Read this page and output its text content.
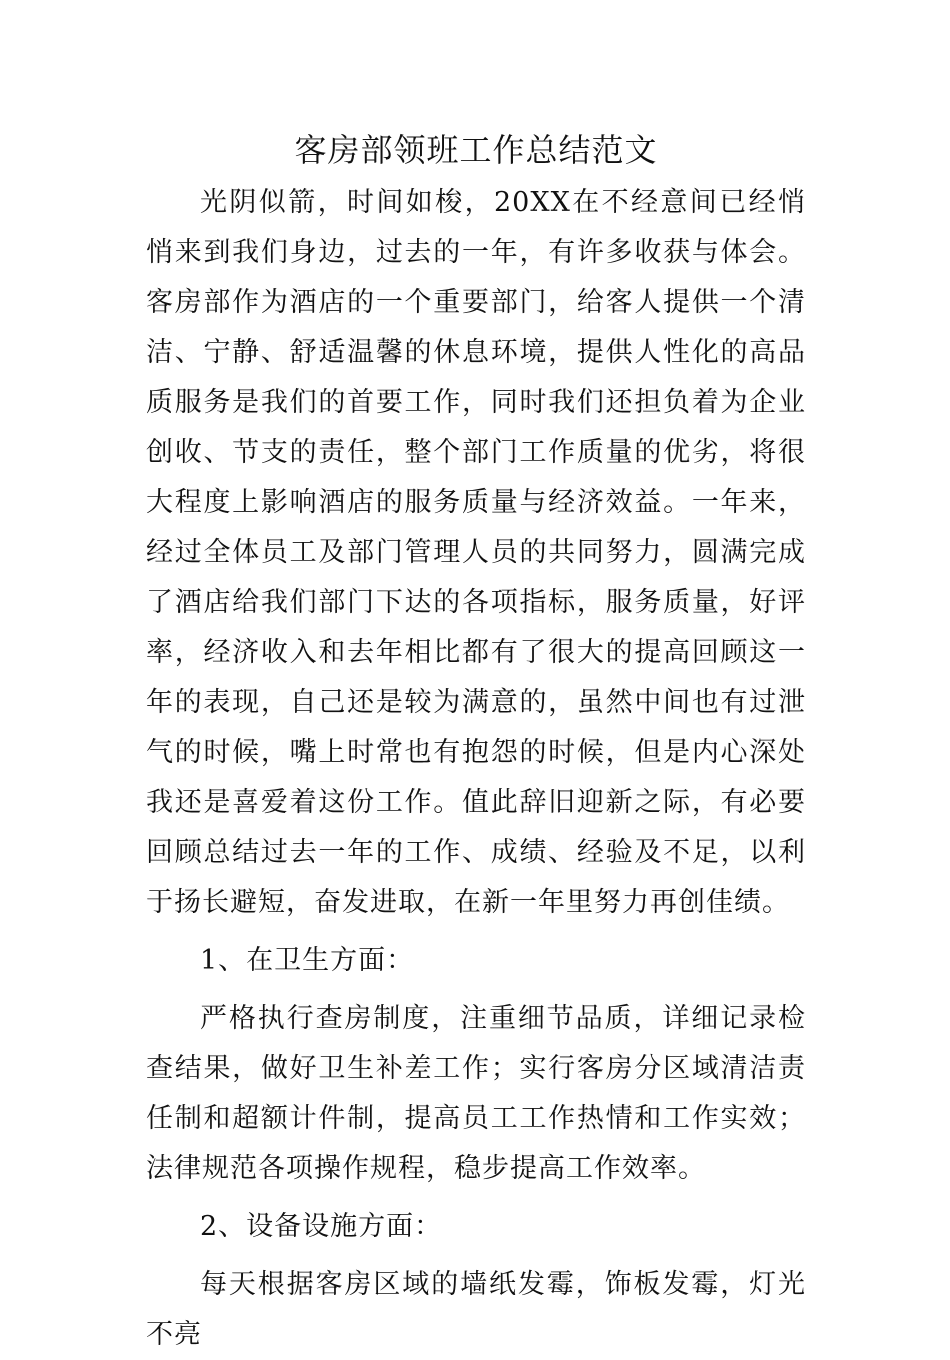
客房部领班工作总结范文

光阴似箭，时间如梭，20XX在不经意间已经悄悄来到我们身边，过去的一年，有许多收获与体会。客房部作为酒店的一个重要部门，给客人提供一个清洁、宁静、舒适温馨的休息环境，提供人性化的高品质服务是我们的首要工作，同时我们还担负着为企业创收、节支的责任，整个部门工作质量的优劣，将很大程度上影响酒店的服务质量与经济效益。一年来，经过全体员工及部门管理人员的共同努力，圆满完成了酒店给我们部门下达的各项指标，服务质量，好评率，经济收入和去年相比都有了很大的提高回顾这一年的表现，自己还是较为满意的，虽然中间也有过泄气的时候，嘴上时常也有抱怨的时候，但是内心深处我还是喜爱着这份工作。值此辞旧迎新之际，有必要回顾总结过去一年的工作、成绩、经验及不足，以利于扬长避短，奋发进取，在新一年里努力再创佳绩。

1、在卫生方面：

严格执行查房制度，注重细节品质，详细记录检查结果，做好卫生补差工作；实行客房分区域清洁责任制和超额计件制，提高员工工作热情和工作实效；法律规范各项操作规程，稳步提高工作效率。

2、设备设施方面：

每天根据客房区域的墙纸发霉，饰板发霉，灯光不亮
